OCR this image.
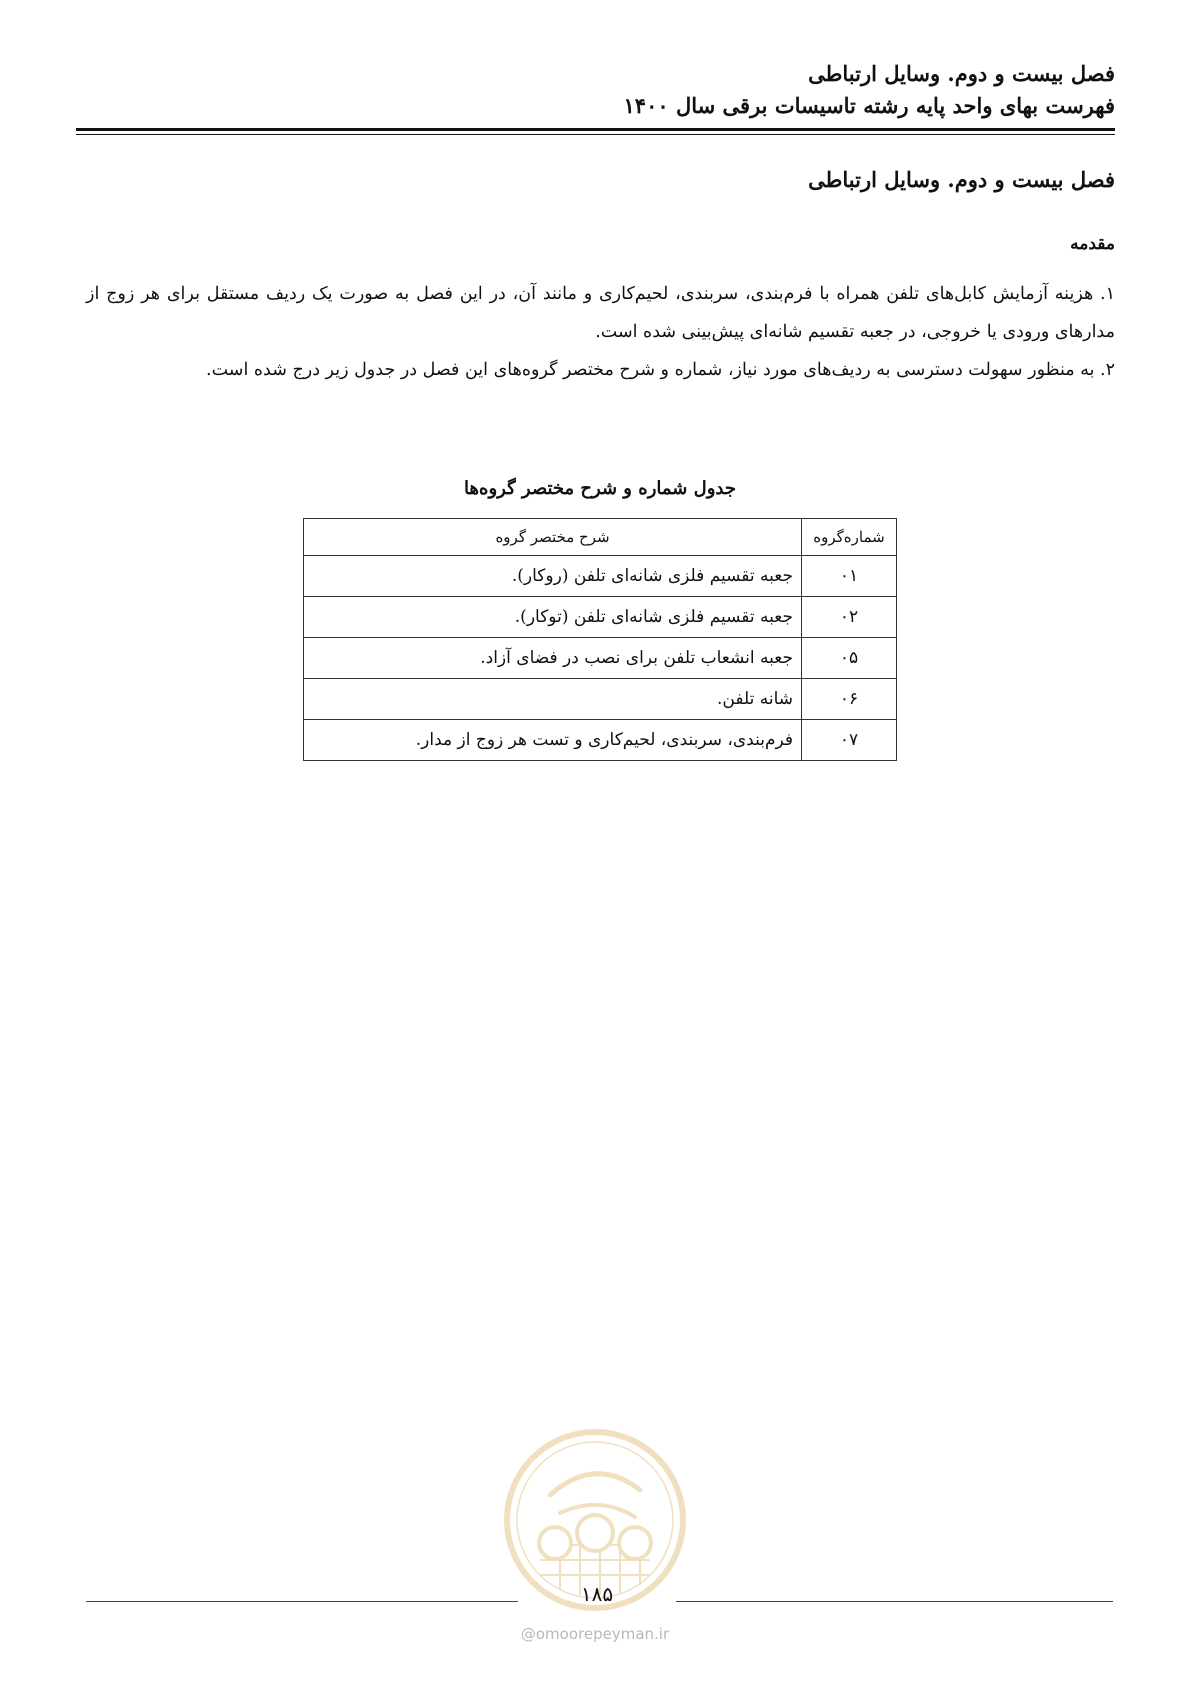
فصل بیست و دوم. وسایل ارتباطی
فهرست بهای واحد پایه رشته تاسیسات برقی سال ۱۴۰۰
فصل بیست و دوم. وسایل ارتباطی
مقدمه

۱. هزینه آزمایش کابل‌های تلفن همراه با فرم‌بندی، سربندی، لحیم‌کاری و مانند آن، در این فصل به صورت یک ردیف مستقل برای هر زوج از مدارهای ورودی یا خروجی، در جعبه تقسیم شانه‌ای پیش‌بینی شده است.

۲. به منظور سهولت دسترسی به ردیف‌های مورد نیاز، شماره و شرح مختصر گروه‌های این فصل در جدول زیر درج شده است.

جدول شماره و شرح مختصر گروه‌ها
شماره‌گروه	شرح مختصر گروه
۰۱	جعبه تقسیم فلزی شانه‌ای تلفن (روکار).
۰۲	جعبه تقسیم فلزی شانه‌ای تلفن (توکار).
۰۵	جعبه انشعاب تلفن برای نصب در فضای آزاد.
۰۶	شانه تلفن.
۰۷	فرم‌بندی، سربندی، لحیم‌کاری و تست هر زوج از مدار.
۱۸۵
@omoorepeyman.ir
